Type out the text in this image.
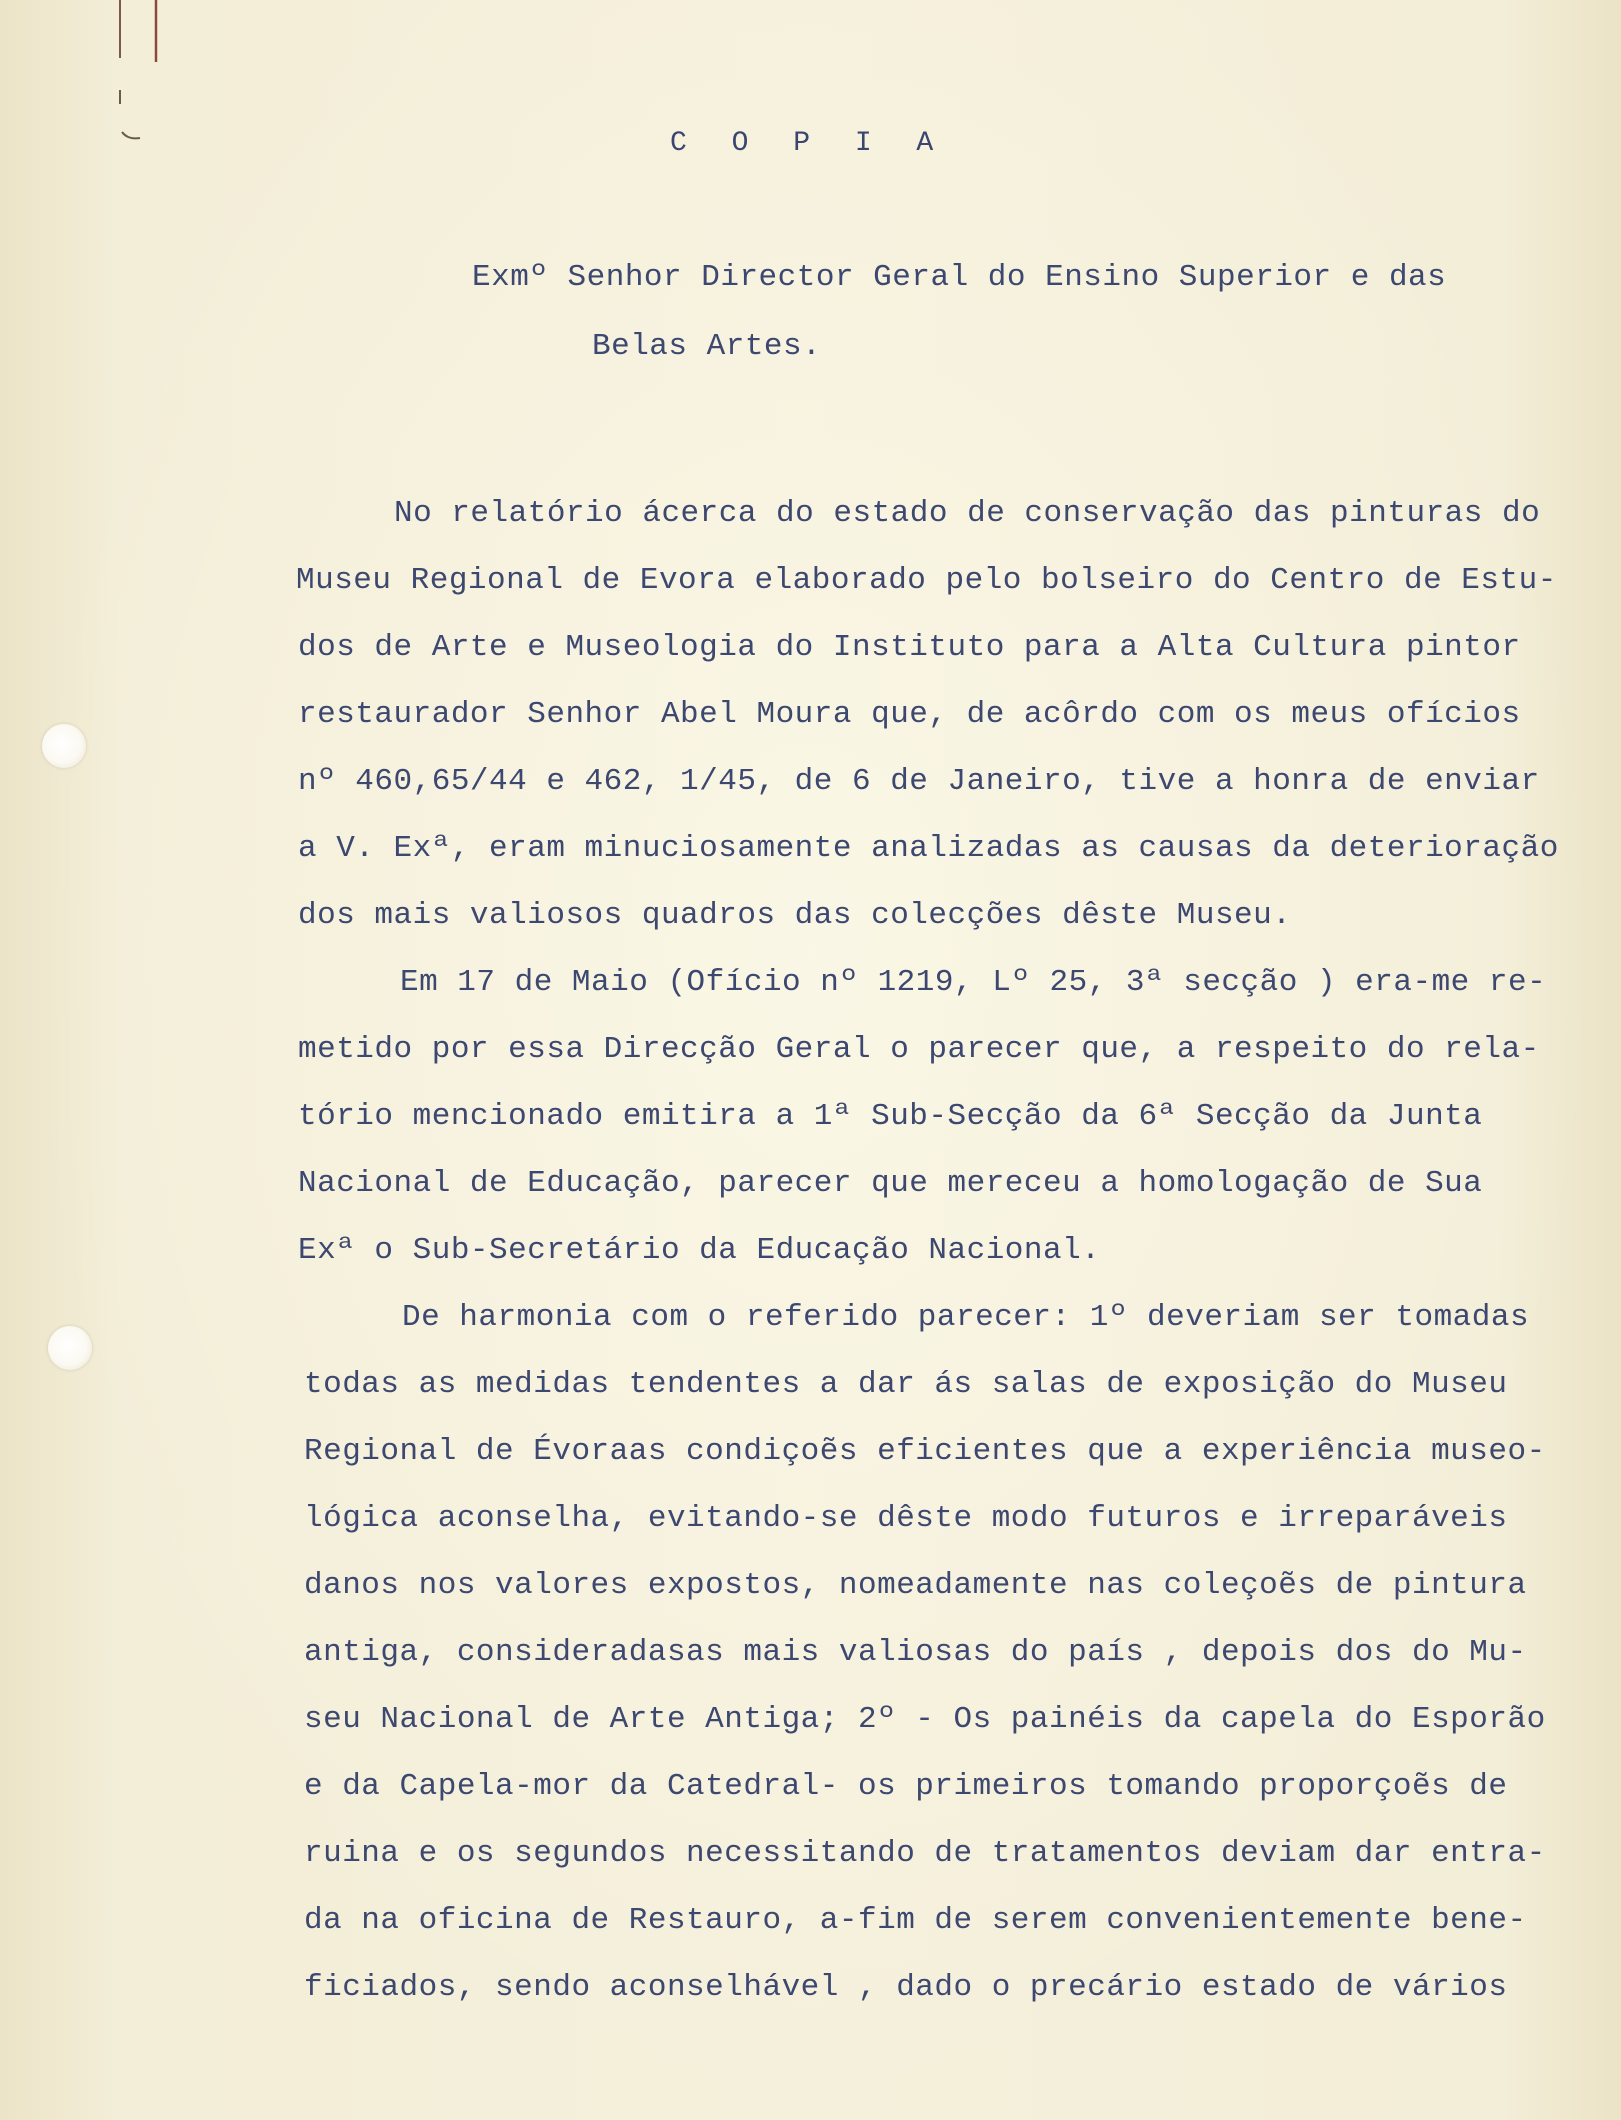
C O P I A
Exmº Senhor Director Geral do Ensino Superior e das
Belas Artes.
No relatório ácerca do estado de conservação das pinturas do
Museu Regional de Evora elaborado pelo bolseiro do Centro de Estu-
dos de Arte e Museologia do Instituto para a Alta Cultura pintor
restaurador Senhor Abel Moura que, de acôrdo com os meus ofícios
nº 460,65/44 e 462, 1/45, de 6 de Janeiro, tive a honra de enviar
a V. Exª, eram minuciosamente analizadas as causas da deterioração
dos mais valiosos quadros das colecções dêste Museu.
Em 17 de Maio (Ofício nº 1219, Lº 25, 3ª secção ) era-me re-
metido por essa Direcção Geral o parecer que, a respeito do rela-
tório mencionado emitira a 1ª Sub-Secção da 6ª Secção da Junta
Nacional de Educação, parecer que mereceu a homologação de Sua
Exª o Sub-Secretário da Educação Nacional.
De harmonia com o referido parecer: 1º deveriam ser tomadas
todas as medidas tendentes a dar ás salas de exposição do Museu
Regional de Évoraas condiçoẽs eficientes que a experiência museo-
lógica aconselha, evitando-se dêste modo futuros e irreparáveis
danos nos valores expostos, nomeadamente nas coleçoẽs de pintura
antiga, consideradasas mais valiosas do país , depois dos do Mu-
seu Nacional de Arte Antiga; 2º - Os painéis da capela do Esporão
e da Capela-mor da Catedral- os primeiros tomando proporçoẽs de
ruina e os segundos necessitando de tratamentos deviam dar entra-
da na oficina de Restauro, a-fim de serem convenientemente bene-
ficiados, sendo aconselhável , dado o precário estado de vários
